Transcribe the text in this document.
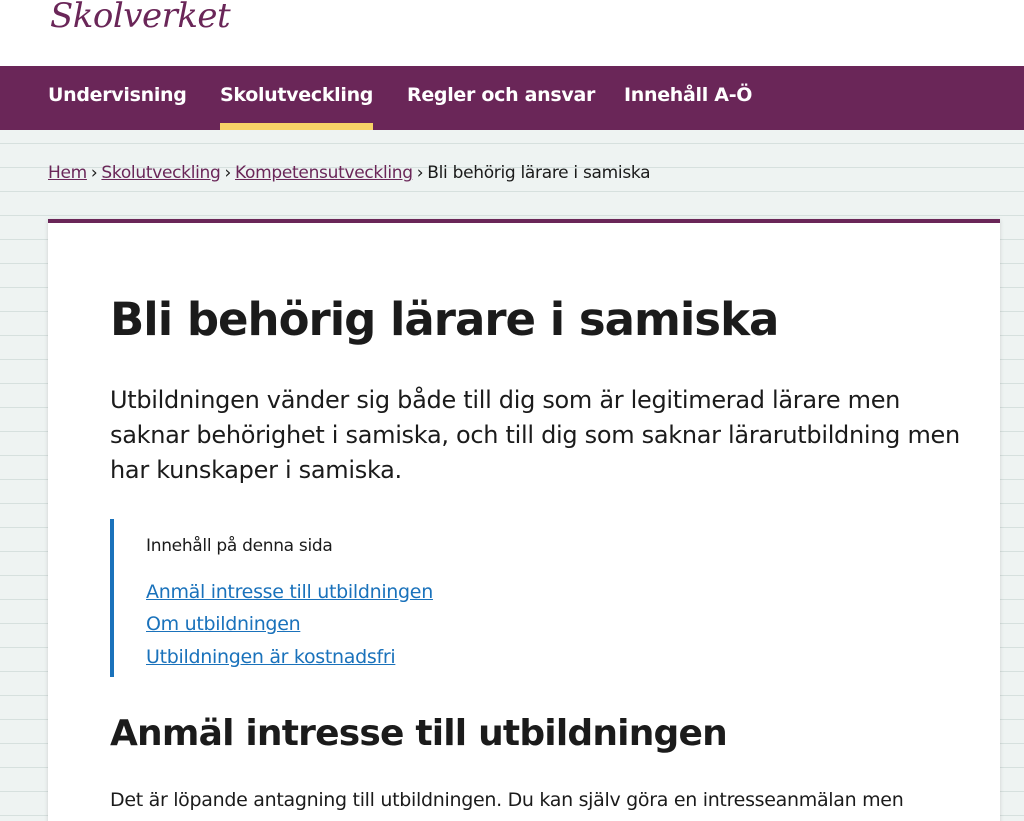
Skolverket
Undervisning Skolutveckling Regler och ansvar Innehåll A-Ö
Hem › Skolutveckling › Kompetensutveckling › Bli behörig lärare i samiska
Bli behörig lärare i samiska

Utbildningen vänder sig både till dig som är legitimerad lärare men saknar behörighet i samiska, och till dig som saknar lärarutbildning men har kunskaper i samiska.

Innehåll på denna sida
Anmäl intresse till utbildningen
Om utbildningen
Utbildningen är kostnadsfri
Anmäl intresse till utbildningen

Det är löpande antagning till utbildningen. Du kan själv göra en intresseanmälan men
